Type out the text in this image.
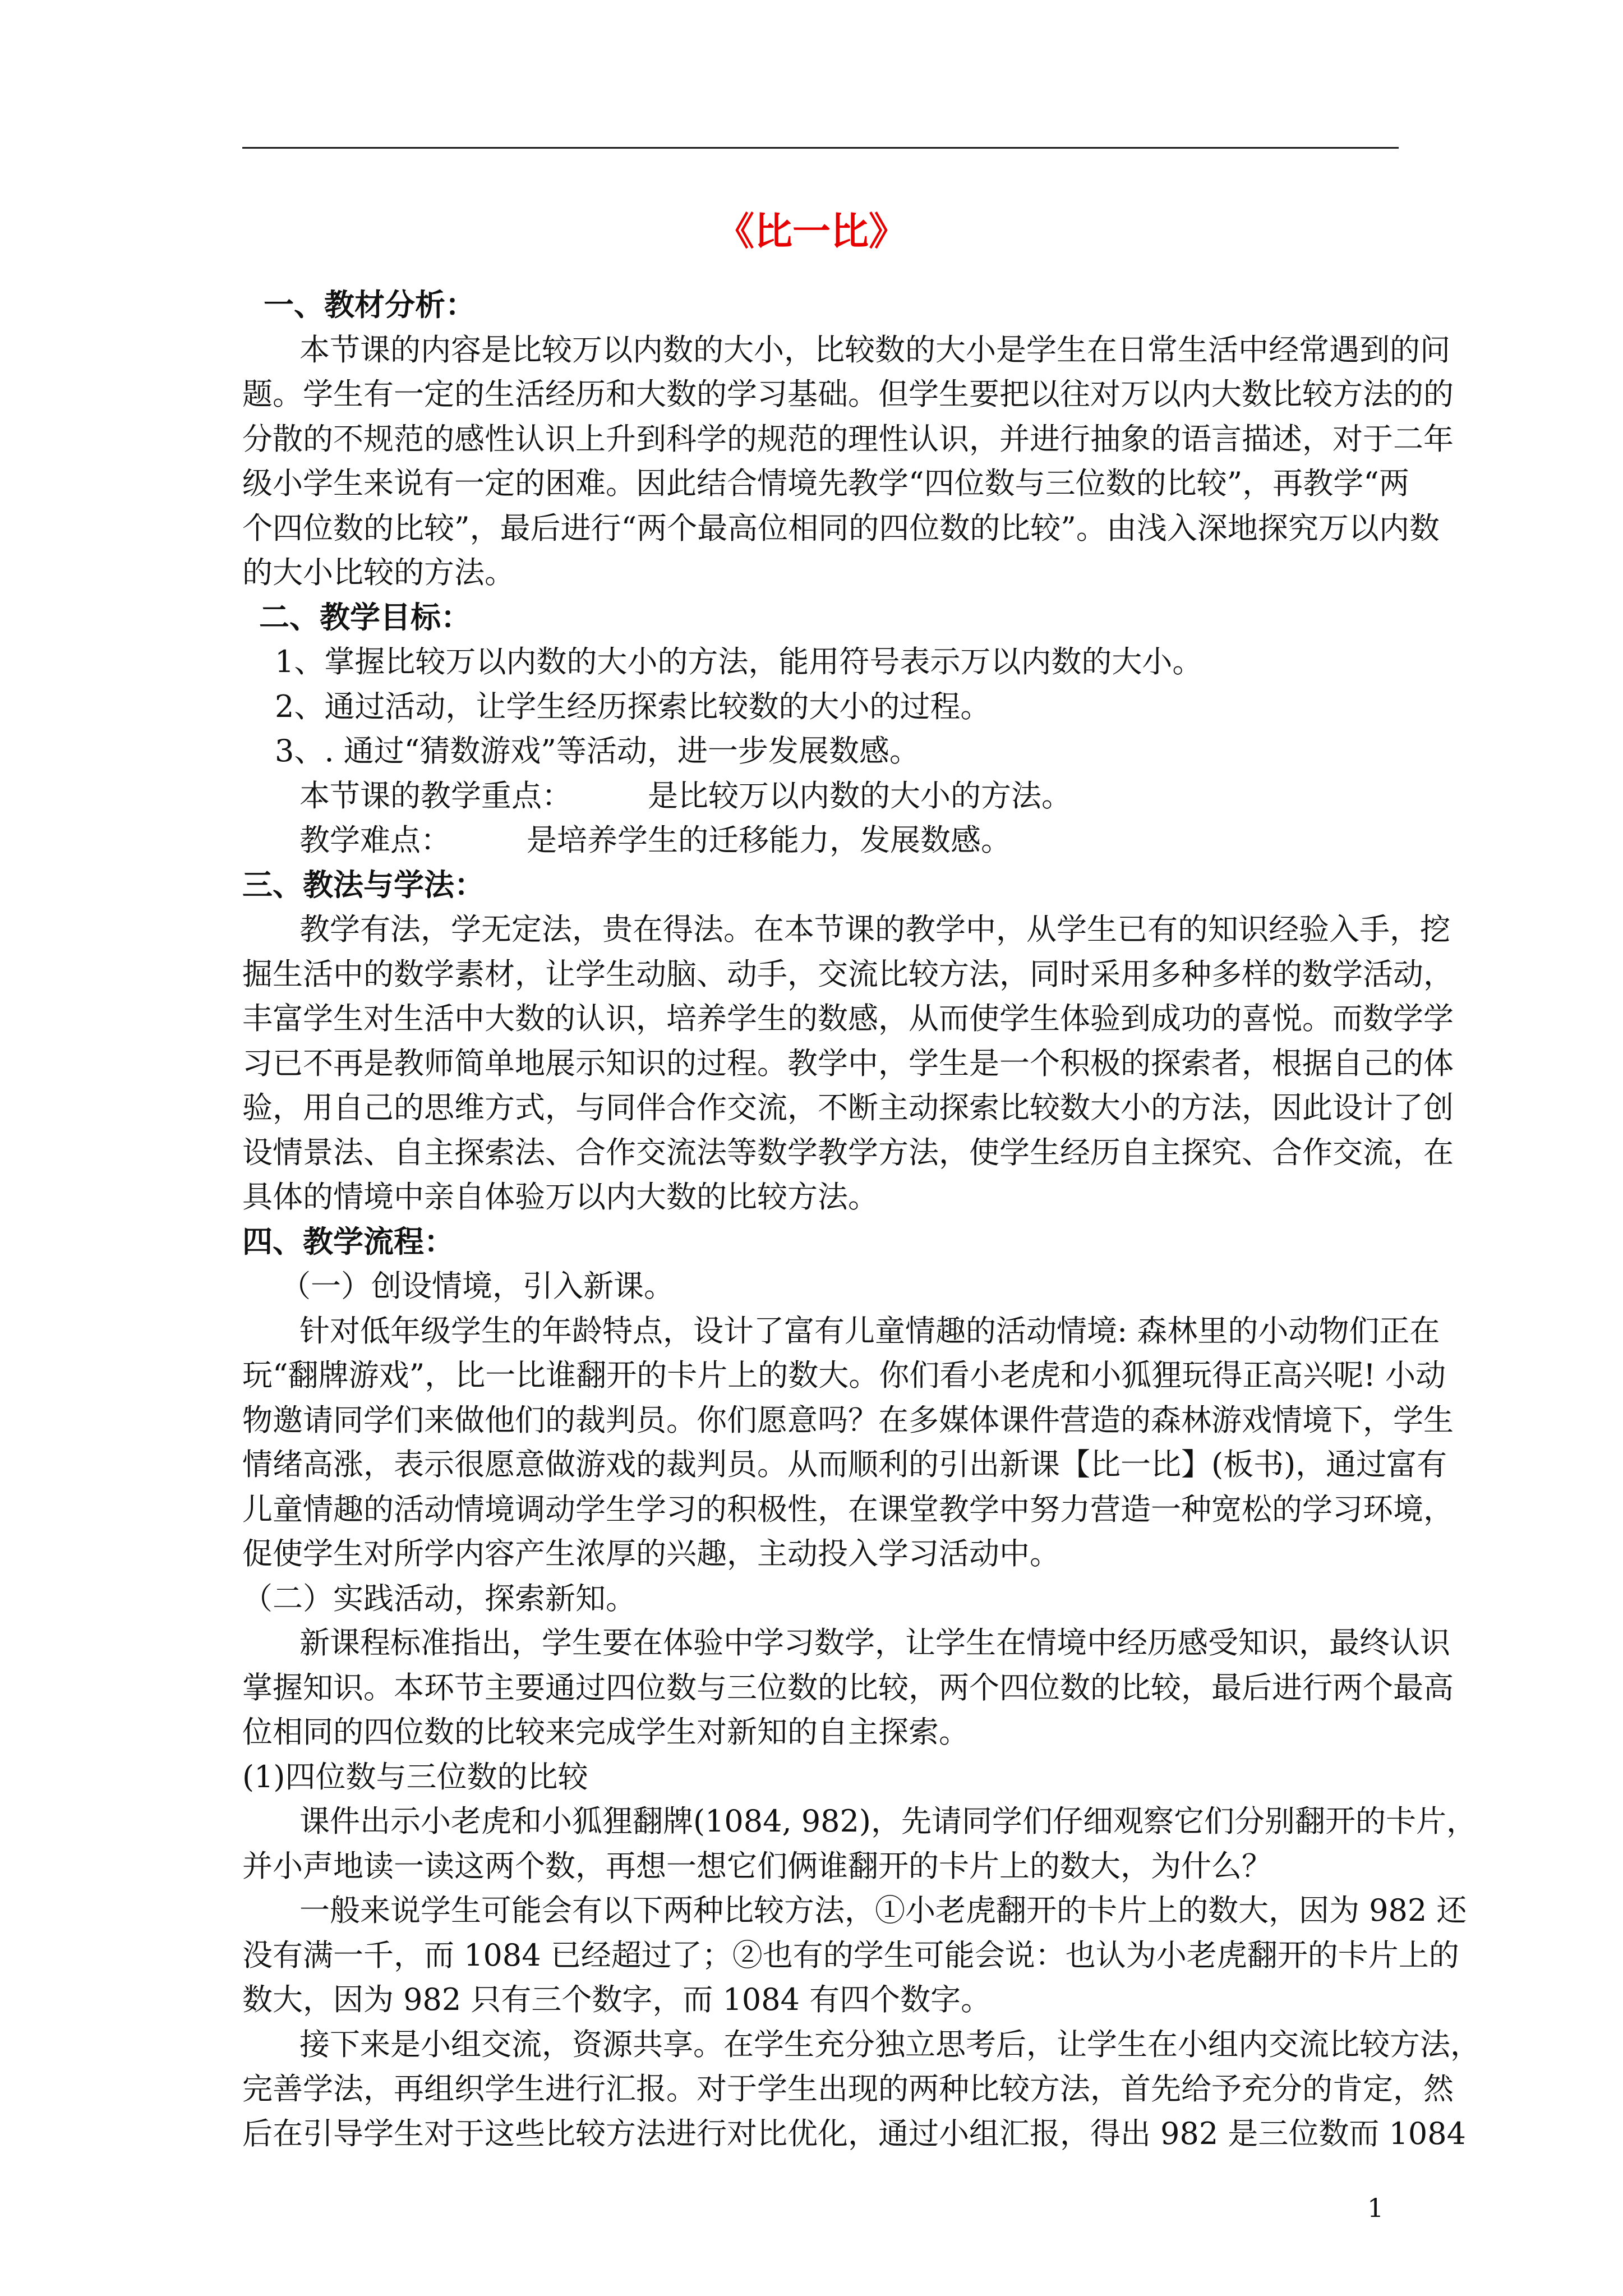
《比一比》
一、教材分析：
本节课的内容是比较万以内数的大小，比较数的大小是学生在日常生活中经常遇到的问
题。学生有一定的生活经历和大数的学习基础。但学生要把以往对万以内大数比较方法的的
分散的不规范的感性认识上升到科学的规范的理性认识，并进行抽象的语言描述，对于二年
级小学生来说有一定的困难。因此结合情境先教学“四位数与三位数的比较”，再教学“两
个四位数的比较”，最后进行“两个最高位相同的四位数的比较”。由浅入深地探究万以内数
的大小比较的方法。
二、教学目标：
1、掌握比较万以内数的大小的方法，能用符号表示万以内数的大小。
2、通过活动，让学生经历探索比较数的大小的过程。
3、. 通过“猜数游戏”等活动，进一步发展数感。
本节课的教学重点：　　　是比较万以内数的大小的方法。
教学难点：　　　是培养学生的迁移能力，发展数感。
三、教法与学法：
教学有法，学无定法，贵在得法。在本节课的教学中，从学生已有的知识经验入手，挖
掘生活中的数学素材，让学生动脑、动手，交流比较方法，同时采用多种多样的数学活动，
丰富学生对生活中大数的认识，培养学生的数感，从而使学生体验到成功的喜悦。而数学学
习已不再是教师简单地展示知识的过程。教学中，学生是一个积极的探索者，根据自己的体
验，用自己的思维方式，与同伴合作交流，不断主动探索比较数大小的方法，因此设计了创
设情景法、自主探索法、合作交流法等数学教学方法，使学生经历自主探究、合作交流，在
具体的情境中亲自体验万以内大数的比较方法。
四、教学流程：
（一）创设情境，引入新课。
针对低年级学生的年龄特点，设计了富有儿童情趣的活动情境: 森林里的小动物们正在
玩“翻牌游戏”，比一比谁翻开的卡片上的数大。你们看小老虎和小狐狸玩得正高兴呢! 小动
物邀请同学们来做他们的裁判员。你们愿意吗？在多媒体课件营造的森林游戏情境下，学生
情绪高涨，表示很愿意做游戏的裁判员。从而顺利的引出新课【比一比】(板书)，通过富有
儿童情趣的活动情境调动学生学习的积极性，在课堂教学中努力营造一种宽松的学习环境，
促使学生对所学内容产生浓厚的兴趣，主动投入学习活动中。
（二）实践活动，探索新知。
新课程标准指出，学生要在体验中学习数学，让学生在情境中经历感受知识，最终认识
掌握知识。本环节主要通过四位数与三位数的比较，两个四位数的比较，最后进行两个最高
位相同的四位数的比较来完成学生对新知的自主探索。
(1)四位数与三位数的比较
课件出示小老虎和小狐狸翻牌(1084, 982)，先请同学们仔细观察它们分别翻开的卡片，
并小声地读一读这两个数，再想一想它们俩谁翻开的卡片上的数大，为什么？
一般来说学生可能会有以下两种比较方法，①小老虎翻开的卡片上的数大，因为 982 还
没有满一千，而 1084 已经超过了；②也有的学生可能会说：也认为小老虎翻开的卡片上的
数大，因为 982 只有三个数字，而 1084 有四个数字。
接下来是小组交流，资源共享。在学生充分独立思考后，让学生在小组内交流比较方法，
完善学法，再组织学生进行汇报。对于学生出现的两种比较方法，首先给予充分的肯定，然
后在引导学生对于这些比较方法进行对比优化，通过小组汇报，得出 982 是三位数而 1084
1
